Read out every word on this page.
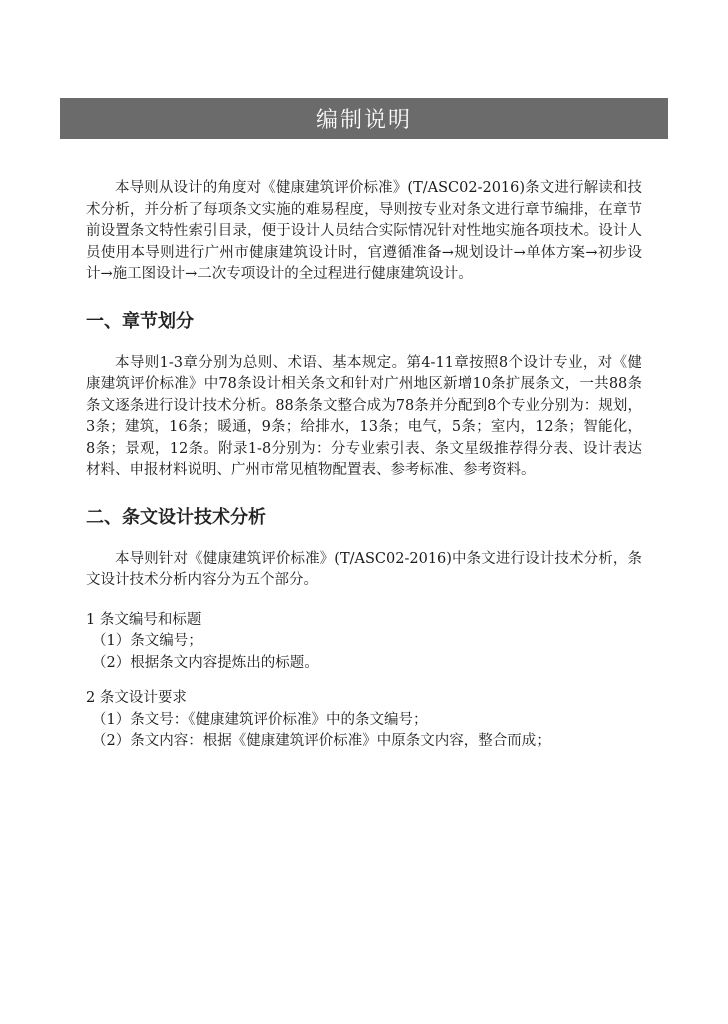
编制说明

本导则从设计的角度对《健康建筑评价标准》(T/ASC02-2016)条文进行解读和技术分析，并分析了每项条文实施的难易程度，导则按专业对条文进行章节编排，在章节前设置条文特性索引目录，便于设计人员结合实际情况针对性地实施各项技术。设计人员使用本导则进行广州市健康建筑设计时，官遵循准备→规划设计→单体方案→初步设计→施工图设计→二次专项设计的全过程进行健康建筑设计。

一、章节划分

本导则1-3章分别为总则、术语、基本规定。第4-11章按照8个设计专业，对《健康建筑评价标准》中78条设计相关条文和针对广州地区新增10条扩展条文，一共88条条文逐条进行设计技术分析。88条条文整合成为78条并分配到8个专业分别为：规划，3条；建筑，16条；暖通，9条；给排水，13条；电气，5条；室内，12条；智能化，8条；景观，12条。附录1-8分别为：分专业索引表、条文星级推荐得分表、设计表达材料、申报材料说明、广州市常见植物配置表、参考标准、参考资料。

二、条文设计技术分析

本导则针对《健康建筑评价标准》(T/ASC02-2016)中条文进行设计技术分析，条文设计技术分析内容分为五个部分。

1 条文编号和标题

（1）条文编号；

（2）根据条文内容提炼出的标题。

2 条文设计要求

（1）条文号：《健康建筑评价标准》中的条文编号；

（2）条文内容：根据《健康建筑评价标准》中原条文内容，整合而成；
